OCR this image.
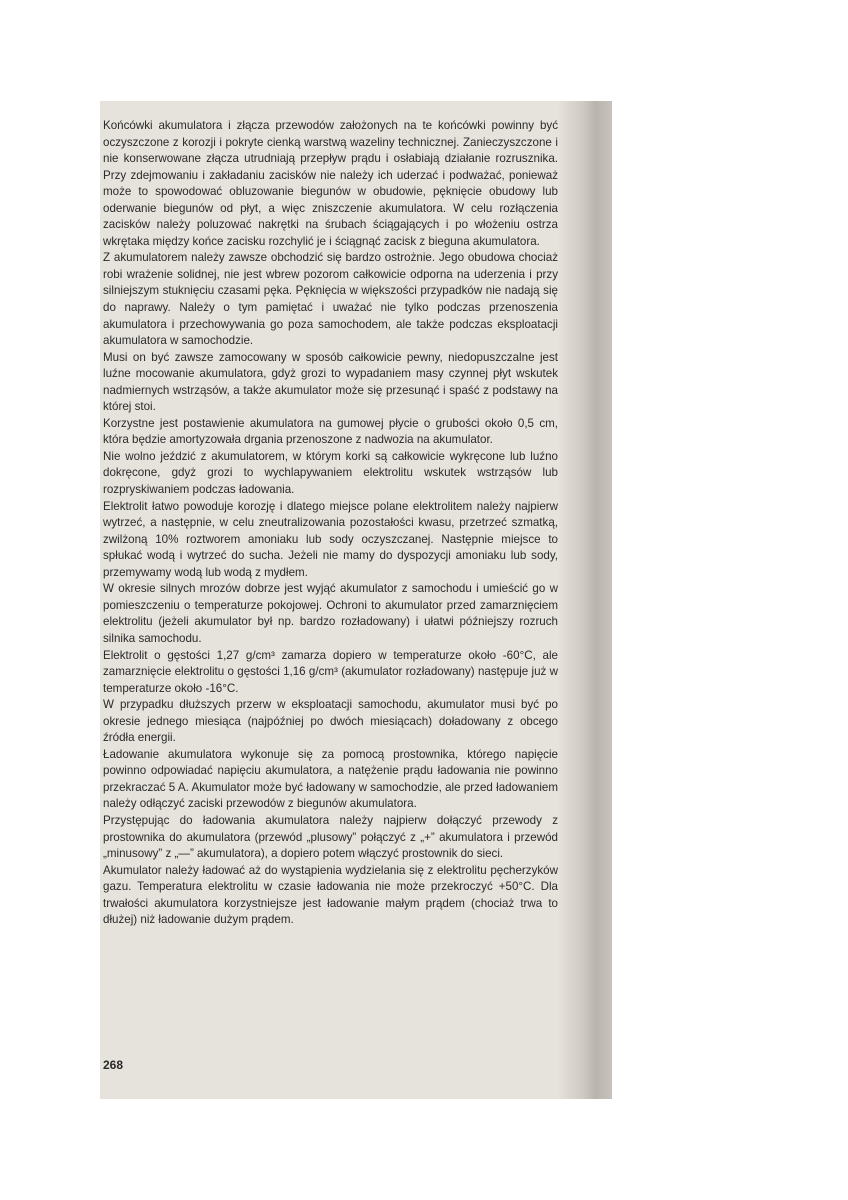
Końcówki akumulatora i złącza przewodów założonych na te końcówki powinny być oczyszczone z korozji i pokryte cienką warstwą wazeliny technicznej. Zanieczyszczone i nie konserwowane złącza utrudniają przepływ prądu i osłabiają działanie rozrusznika. Przy zdejmowaniu i zakładaniu zacisków nie należy ich uderzać i podważać, ponieważ może to spowodować obluzowanie biegunów w obudowie, pęknięcie obudowy lub oderwanie biegunów od płyt, a więc zniszczenie akumulatora. W celu rozłączenia zacisków należy poluzować nakrętki na śrubach ściągających i po włożeniu ostrza wkrętaka między końce zacisku rozchylić je i ściągnąć zacisk z bieguna akumulatora.

Z akumulatorem należy zawsze obchodzić się bardzo ostrożnie. Jego obudowa chociaż robi wrażenie solidnej, nie jest wbrew pozorom całkowicie odporna na uderzenia i przy silniejszym stuknięciu czasami pęka. Pęknięcia w większości przypadków nie nadają się do naprawy. Należy o tym pamiętać i uważać nie tylko podczas przenoszenia akumulatora i przechowywania go poza samochodem, ale także podczas eksploatacji akumulatora w samochodzie.

Musi on być zawsze zamocowany w sposób całkowicie pewny, niedopuszczalne jest luźne mocowanie akumulatora, gdyż grozi to wypadaniem masy czynnej płyt wskutek nadmiernych wstrząsów, a także akumulator może się przesunąć i spaść z podstawy na której stoi.

Korzystne jest postawienie akumulatora na gumowej płycie o grubości około 0,5 cm, która będzie amortyzowała drgania przenoszone z nadwozia na akumulator.

Nie wolno jeździć z akumulatorem, w którym korki są całkowicie wykręcone lub luźno dokręcone, gdyż grozi to wychlapywaniem elektrolitu wskutek wstrząsów lub rozpryskiwaniem podczas ładowania.

Elektrolit łatwo powoduje korozję i dlatego miejsce polane elektrolitem należy najpierw wytrzeć, a następnie, w celu zneutralizowania pozostałości kwasu, przetrzeć szmatką, zwilżoną 10% roztworem amoniaku lub sody oczyszczanej. Następnie miejsce to spłukać wodą i wytrzeć do sucha. Jeżeli nie mamy do dyspozycji amoniaku lub sody, przemywamy wodą lub wodą z mydłem.

W okresie silnych mrozów dobrze jest wyjąć akumulator z samochodu i umieścić go w pomieszczeniu o temperaturze pokojowej. Ochroni to akumulator przed zamarznięciem elektrolitu (jeżeli akumulator był np. bardzo rozładowany) i ułatwi późniejszy rozruch silnika samochodu.

Elektrolit o gęstości 1,27 g/cm³ zamarza dopiero w temperaturze około -60°C, ale zamarznięcie elektrolitu o gęstości 1,16 g/cm³ (akumulator rozładowany) następuje już w temperaturze około -16°C.

W przypadku dłuższych przerw w eksploatacji samochodu, akumulator musi być po okresie jednego miesiąca (najpóźniej po dwóch miesiącach) doładowany z obcego źródła energii.

Ładowanie akumulatora wykonuje się za pomocą prostownika, którego napięcie powinno odpowiadać napięciu akumulatora, a natężenie prądu ładowania nie powinno przekraczać 5 A. Akumulator może być ładowany w samochodzie, ale przed ładowaniem należy odłączyć zaciski przewodów z biegunów akumulatora.

Przystępując do ładowania akumulatora należy najpierw dołączyć przewody z prostownika do akumulatora (przewód „plusowy” połączyć z „+” akumulatora i przewód „minusowy” z „—” akumulatora), a dopiero potem włączyć prostownik do sieci.

Akumulator należy ładować aż do wystąpienia wydzielania się z elektrolitu pęcherzyków gazu. Temperatura elektrolitu w czasie ładowania nie może przekroczyć +50°C. Dla trwałości akumulatora korzystniejsze jest ładowanie małym prądem (chociaż trwa to dłużej) niż ładowanie dużym prądem.

268
